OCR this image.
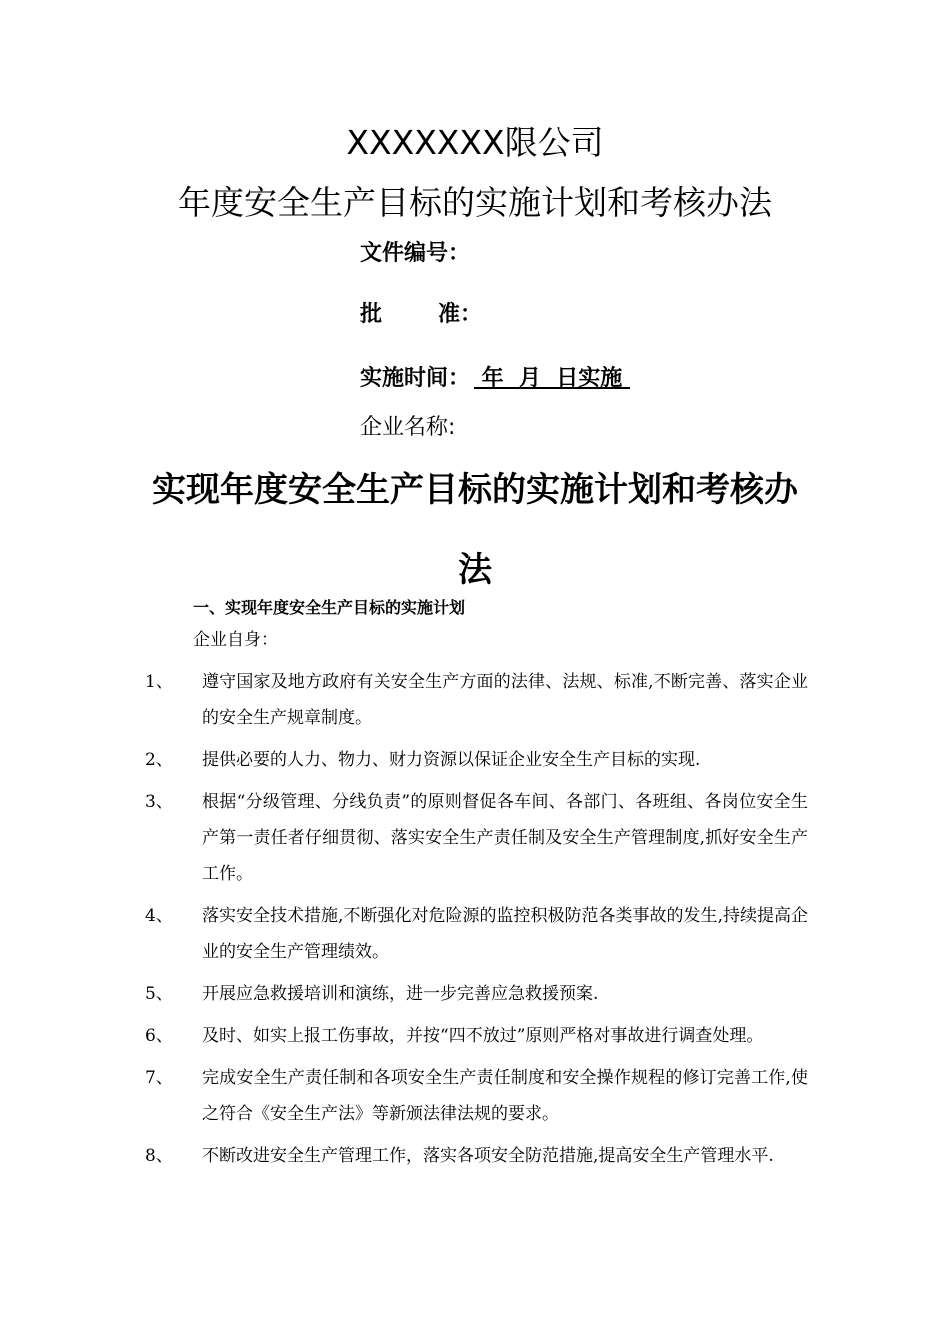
XXXXXXX限公司
年度安全生产目标的实施计划和考核办法
文件编号：
批	准：
实施时间： 年  月  日实施
企业名称:
实现年度安全生产目标的实施计划和考核办法
一、实现年度安全生产目标的实施计划
企业自身：
1、 遵守国家及地方政府有关安全生产方面的法律、法规、标准,不断完善、落实企业的安全生产规章制度。
2、 提供必要的人力、物力、财力资源以保证企业安全生产目标的实现.
3、 根据“分级管理、分线负责”的原则督促各车间、各部门、各班组、各岗位安全生产第一责任者仔细贯彻、落实安全生产责任制及安全生产管理制度,抓好安全生产工作。
4、 落实安全技术措施,不断强化对危险源的监控积极防范各类事故的发生,持续提高企业的安全生产管理绩效。
5、 开展应急救援培训和演练，进一步完善应急救援预案.
6、 及时、如实上报工伤事故，并按“四不放过”原则严格对事故进行调查处理。
7、 完成安全生产责任制和各项安全生产责任制度和安全操作规程的修订完善工作,使之符合《安全生产法》等新颁法律法规的要求。
8、 不断改进安全生产管理工作，落实各项安全防范措施,提高安全生产管理水平.
